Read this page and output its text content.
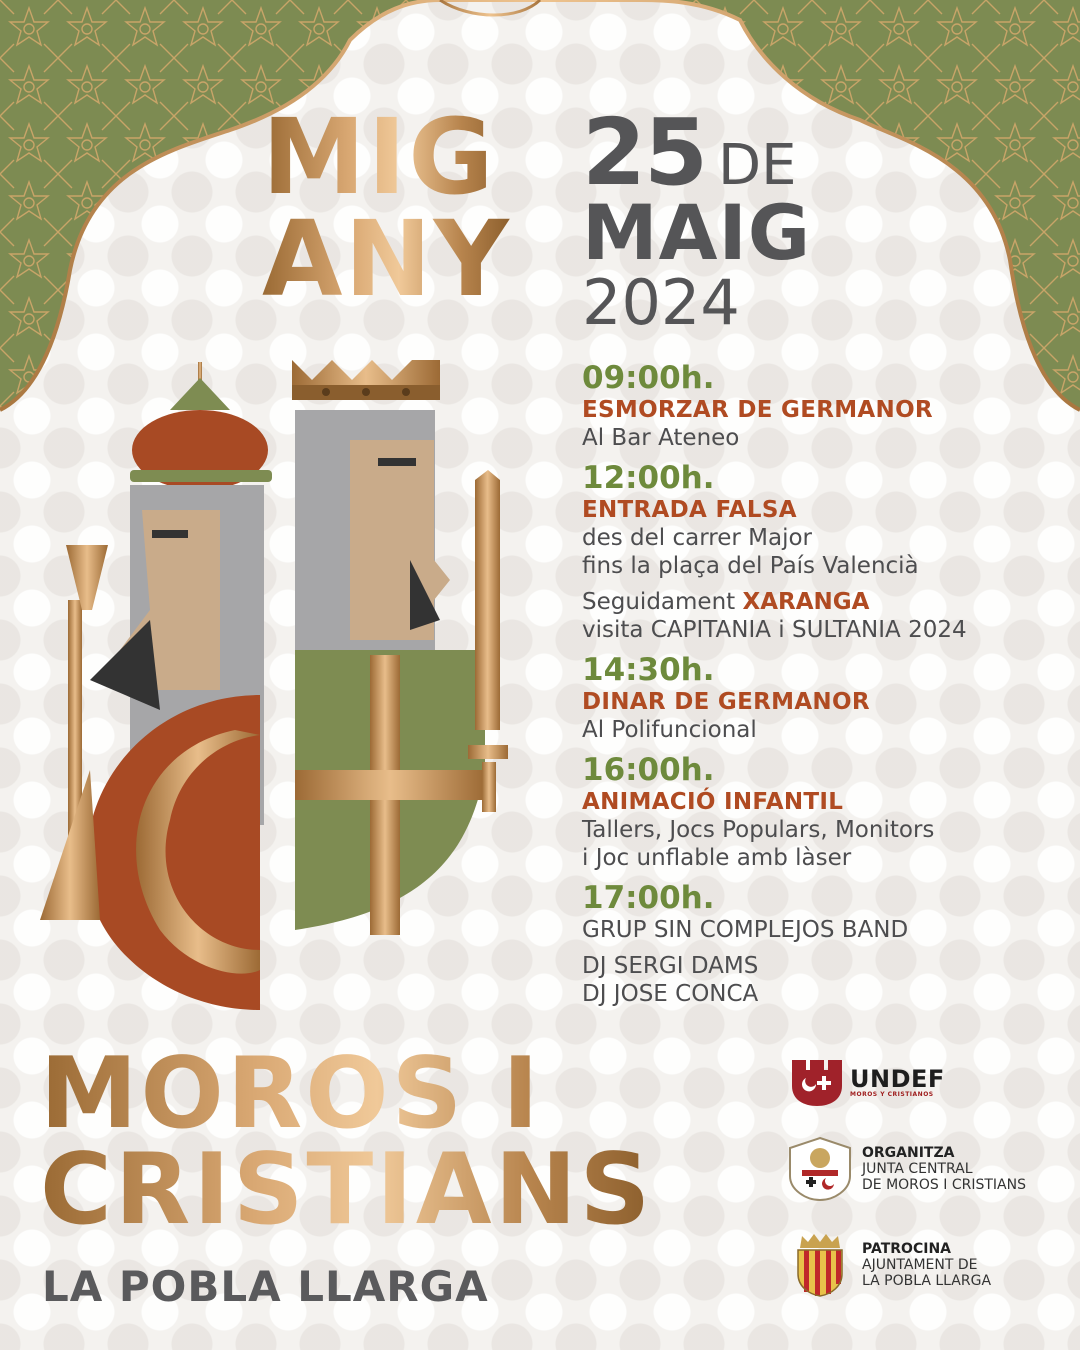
MIG
ANY
25 DE
MAIG
2024
09:00h.
ESMORZAR DE GERMANOR
Al Bar Ateneo
12:00h.
ENTRADA FALSA
des del carrer Major
fins la plaça del País Valencià
Seguidament XARANGA
visita CAPITANIA i SULTANIA 2024
14:30h.
DINAR DE GERMANOR
Al Polifuncional
16:00h.
ANIMACIÓ INFANTIL
Tallers, Jocs Populars, Monitors
i Joc unflable amb làser
17:00h.
GRUP SIN COMPLEJOS BAND
DJ SERGI DAMS
DJ JOSE CONCA
MOROS I
CRISTIANS
LA POBLA LLARGA
UNDEF
MOROS Y CRISTIANOS
ORGANITZA
JUNTA CENTRAL
DE MOROS I CRISTIANS
PATROCINA
AJUNTAMENT DE
LA POBLA LLARGA
